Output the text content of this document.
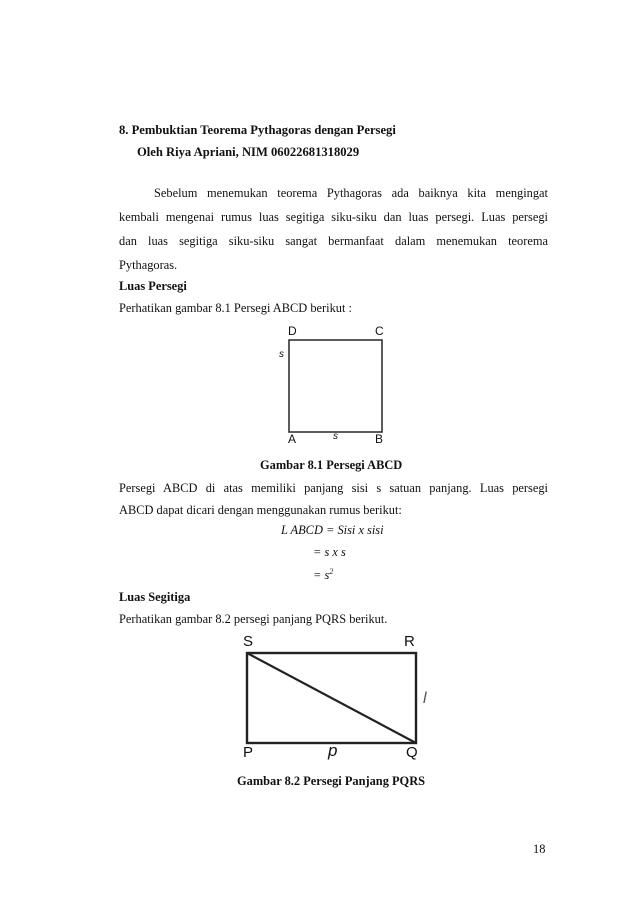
8. Pembuktian Teorema Pythagoras dengan Persegi
Oleh Riya Apriani, NIM 06022681318029
Sebelum menemukan teorema Pythagoras ada baiknya kita mengingat
kembali mengenai rumus luas segitiga siku-siku dan luas persegi. Luas persegi
dan luas segitiga siku-siku sangat bermanfaat dalam menemukan teorema
Pythagoras.
Luas Persegi
Perhatikan gambar 8.1 Persegi ABCD berikut :
D	C
A	B
s
s
Gambar 8.1 Persegi ABCD
Persegi ABCD di atas memiliki panjang sisi s satuan panjang. Luas persegi
ABCD dapat dicari dengan menggunakan rumus berikut:
L ABCD = Sisi x sisi
= s x s
= $s^2$
Luas Segitiga
Perhatikan gambar 8.2 persegi panjang PQRS berikut.
S	R
P	Q
l
p
Gambar 8.2 Persegi Panjang PQRS
18
